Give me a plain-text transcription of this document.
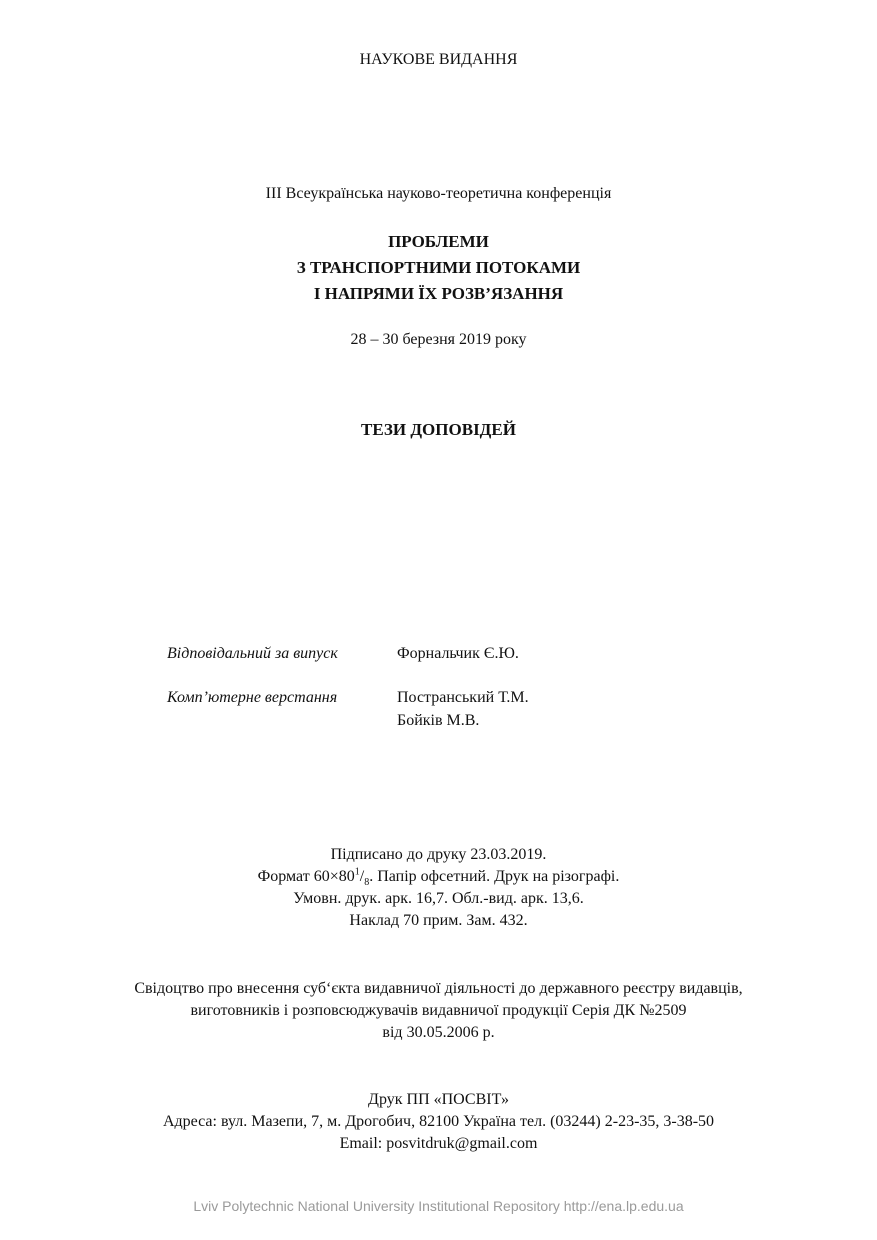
НАУКОВЕ ВИДАННЯ
ІІІ Всеукраїнська науково-теоретична конференція
ПРОБЛЕМИ
З ТРАНСПОРТНИМИ ПОТОКАМИ
І НАПРЯМИ ЇХ РОЗВ’ЯЗАННЯ
28 – 30 березня 2019 року
ТЕЗИ ДОПОВІДЕЙ
Відповідальний за випуск	Форнальчик Є.Ю.
Комп’ютерне верстання	Постранський Т.М.
Бойків М.В.
Підписано до друку 23.03.2019.
Формат $60\times 80^1/_8$. Папір офсетний. Друк на різографі.
Умовн. друк. арк. 16,7. Обл.-вид. арк. 13,6.
Наклад 70 прим. Зам. 432.
Свідоцтво про внесення суб‘єкта видавничої діяльності до державного реєстру видавців,
виготовників і розповсюджувачів видавничої продукції Серія ДК №2509
від 30.05.2006 р.
Друк ПП «ПОСВІТ»
Адреса: вул. Мазепи, 7, м. Дрогобич, 82100 Україна тел. (03244) 2-23-35, 3-38-50
Email: posvitdruk@gmail.com
Lviv Polytechnic National University Institutional Repository http://ena.lp.edu.ua
